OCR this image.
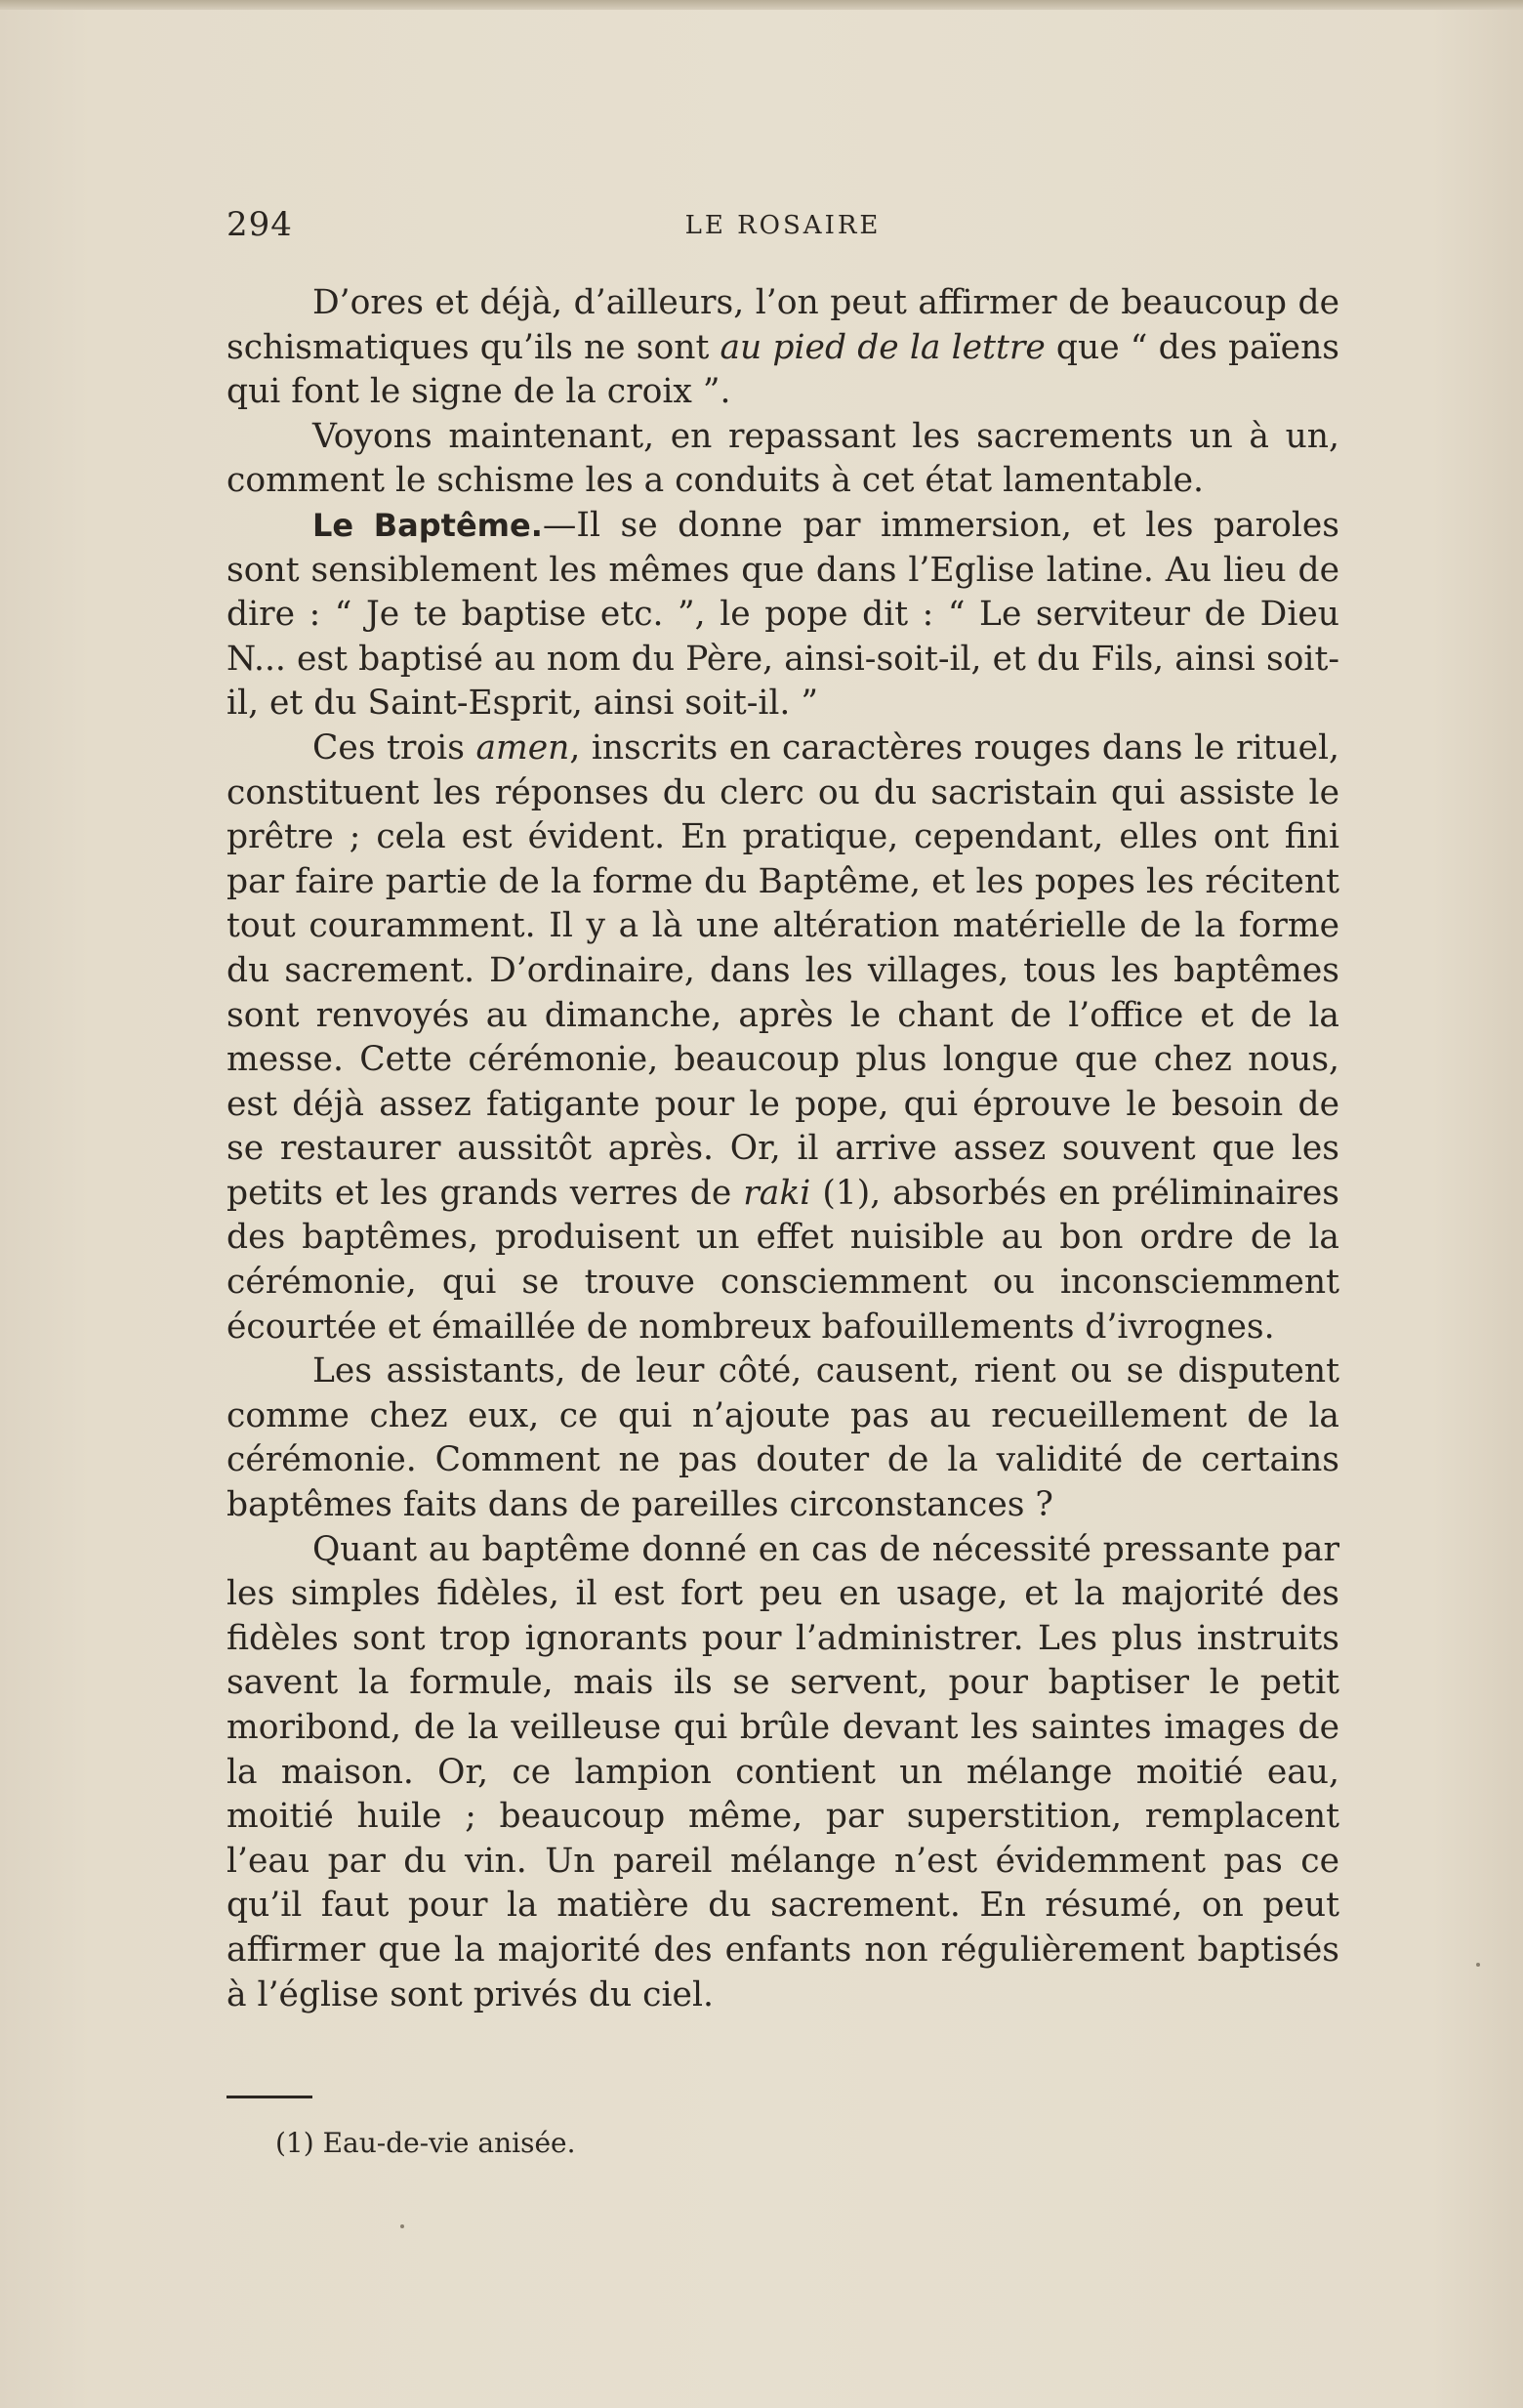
294	LE ROSAIRE

D’ores et déjà, d’ailleurs, l’on peut affirmer de beaucoup de schismatiques qu’ils ne sont au pied de la lettre que “ des païens qui font le signe de la croix ”.

Voyons maintenant, en repassant les sacrements un à un, comment le schisme les a conduits à cet état lamentable.

Le Baptême.—Il se donne par immersion, et les paroles sont sensiblement les mêmes que dans l’Eglise latine. Au lieu de dire : “ Je te baptise etc. ”, le pope dit : “ Le serviteur de Dieu N... est baptisé au nom du Père, ainsi-soit-il, et du Fils, ainsi soit-il, et du Saint-Esprit, ainsi soit-il. ”

Ces trois amen, inscrits en caractères rouges dans le rituel, constituent les réponses du clerc ou du sacristain qui assiste le prêtre ; cela est évident. En pratique, cependant, elles ont fini par faire partie de la forme du Baptême, et les popes les récitent tout couramment. Il y a là une altération matérielle de la forme du sacrement. D’ordinaire, dans les villages, tous les baptêmes sont renvoyés au dimanche, après le chant de l’office et de la messe. Cette cérémonie, beaucoup plus longue que chez nous, est déjà assez fatigante pour le pope, qui éprouve le besoin de se restaurer aussitôt après. Or, il arrive assez souvent que les petits et les grands verres de raki (1), absorbés en préliminaires des baptêmes, produisent un effet nuisible au bon ordre de la cérémonie, qui se trouve consciemment ou inconsciemment écourtée et émaillée de nombreux bafouillements d’ivrognes.

Les assistants, de leur côté, causent, rient ou se disputent comme chez eux, ce qui n’ajoute pas au recueillement de la cérémonie. Comment ne pas douter de la validité de certains baptêmes faits dans de pareilles circonstances ?

Quant au baptême donné en cas de nécessité pressante par les simples fidèles, il est fort peu en usage, et la majorité des fidèles sont trop ignorants pour l’administrer. Les plus instruits savent la formule, mais ils se servent, pour baptiser le petit moribond, de la veilleuse qui brûle devant les saintes images de la maison. Or, ce lampion contient un mélange moitié eau, moitié huile ; beaucoup même, par superstition, remplacent l’eau par du vin. Un pareil mélange n’est évidemment pas ce qu’il faut pour la matière du sacrement. En résumé, on peut affirmer que la majorité des enfants non régulièrement baptisés à l’église sont privés du ciel.

(1) Eau-de-vie anisée.
